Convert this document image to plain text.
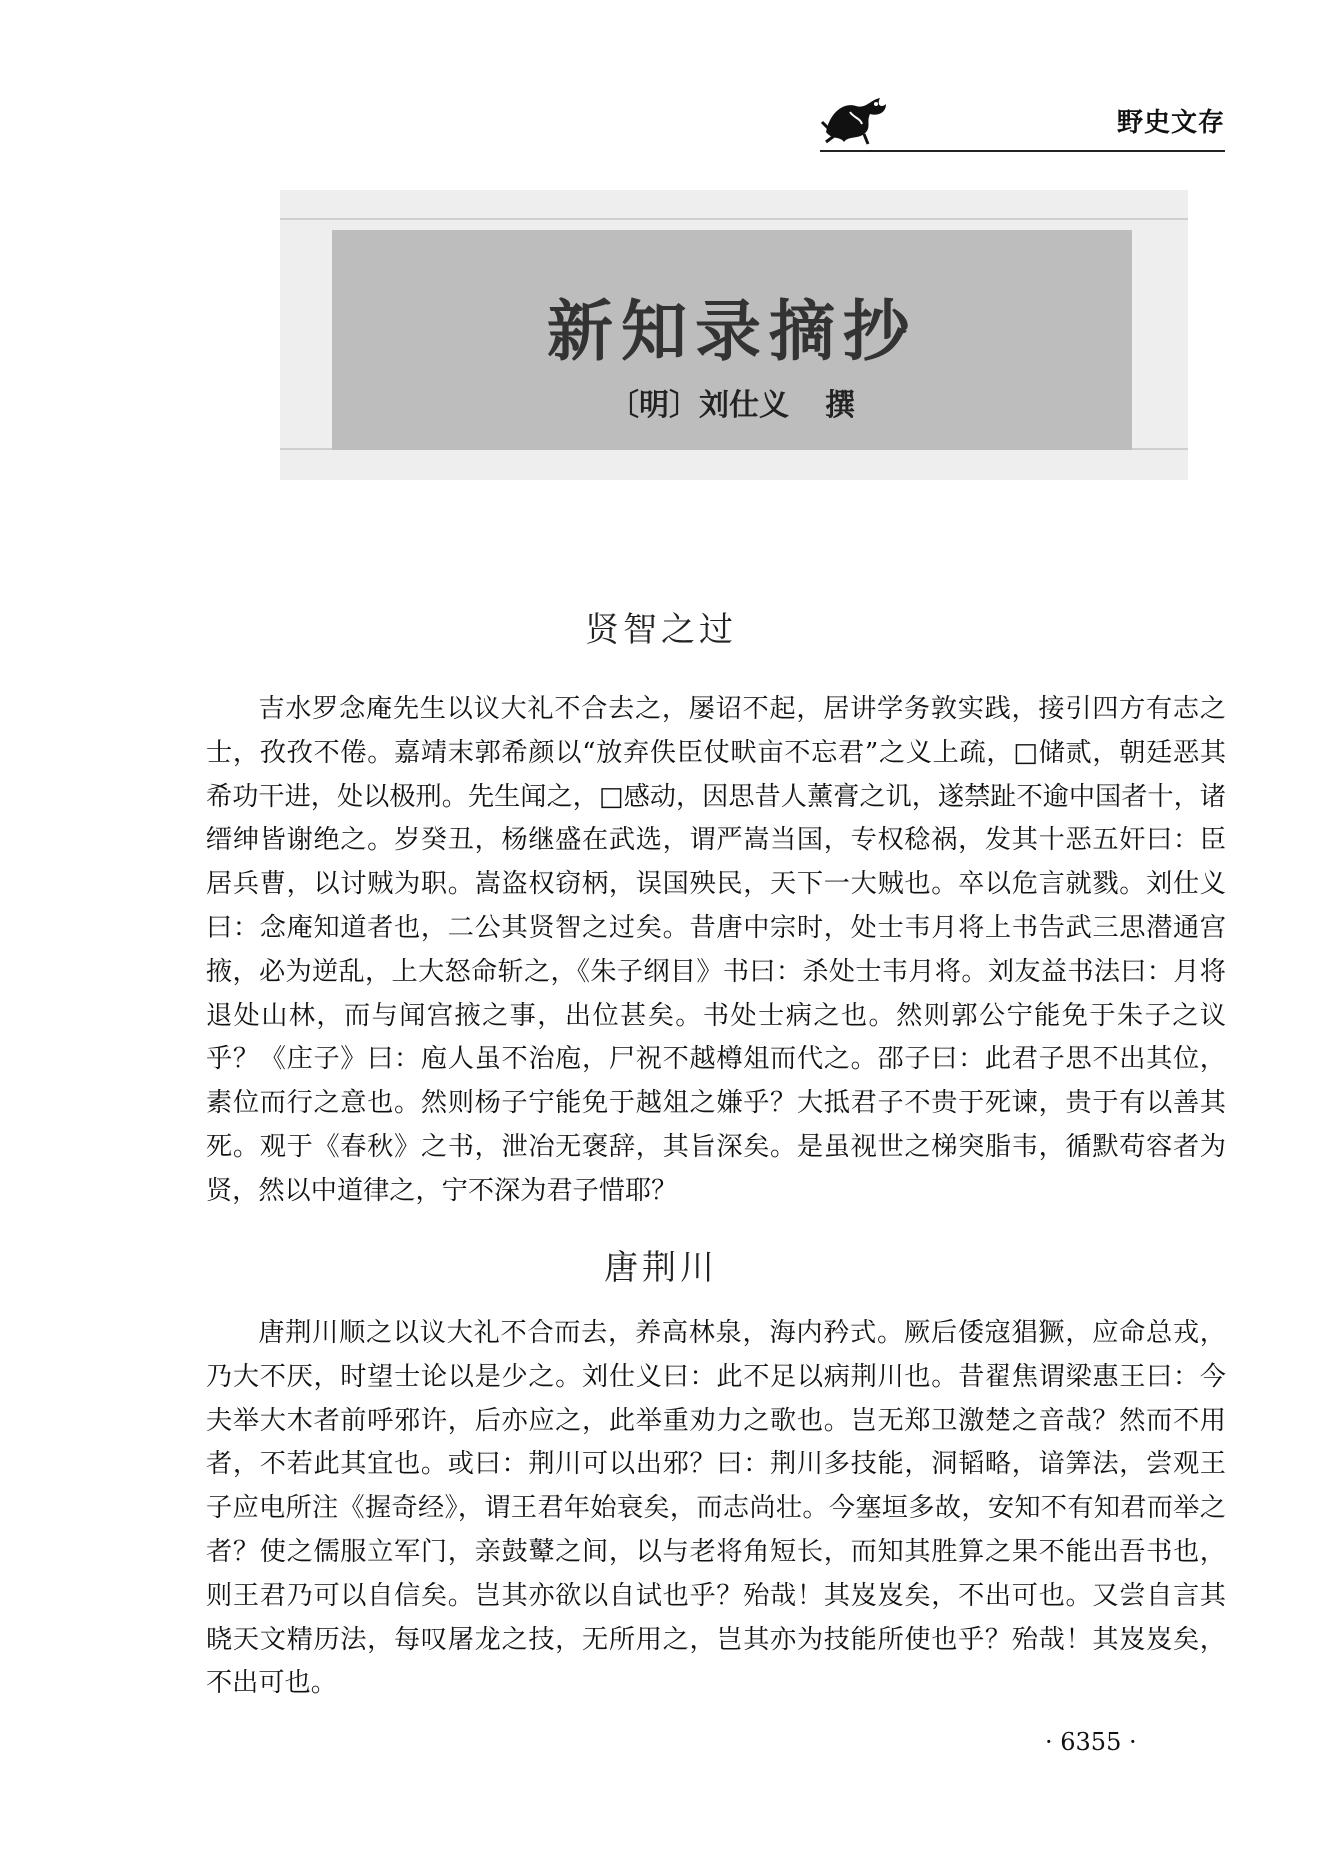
野史文存
新知录摘抄
〔明〕刘仕义 撰
贤智之过
吉水罗念庵先生以议大礼不合去之，屡诏不起，居讲学务敦实践，接引四方有志之士，孜孜不倦。嘉靖末郭希颜以“放弃佚臣仗畎亩不忘君”之义上疏，□储贰，朝廷恶其希功干进，处以极刑。先生闻之，□感动，因思昔人薰膏之讥，遂禁趾不逾中国者十，诸缙绅皆谢绝之。岁癸丑，杨继盛在武选，谓严嵩当国，专权稔祸，发其十恶五奸曰：臣居兵曹，以讨贼为职。嵩盗权窃柄，误国殃民，天下一大贼也。卒以危言就戮。刘仕义曰：念庵知道者也，二公其贤智之过矣。昔唐中宗时，处士韦月将上书告武三思潜通宫掖，必为逆乱，上大怒命斩之，《朱子纲目》书曰：杀处士韦月将。刘友益书法曰：月将退处山林，而与闻宫掖之事，出位甚矣。书处士病之也。然则郭公宁能免于朱子之议乎？《庄子》曰：庖人虽不治庖，尸祝不越樽俎而代之。邵子曰：此君子思不出其位，素位而行之意也。然则杨子宁能免于越俎之嫌乎？大抵君子不贵于死谏，贵于有以善其死。观于《春秋》之书，泄冶无褒辞，其旨深矣。是虽视世之梯突脂韦，循默苟容者为贤，然以中道律之，宁不深为君子惜耶？
唐荆川
唐荆川顺之以议大礼不合而去，养高林泉，海内矜式。厥后倭寇猖獗，应命总戎，乃大不厌，时望士论以是少之。刘仕义曰：此不足以病荆川也。昔翟焦谓梁惠王曰：今夫举大木者前呼邪许，后亦应之，此举重劝力之歌也。岂无郑卫激楚之音哉？然而不用者，不若此其宜也。或曰：荆川可以出邪？曰：荆川多技能，洞韬略，谙筭法，尝观王子应电所注《握奇经》，谓王君年始衰矣，而志尚壮。今塞垣多故，安知不有知君而举之者？使之儒服立军门，亲鼓鼙之间，以与老将角短长，而知其胜算之果不能出吾书也，则王君乃可以自信矣。岂其亦欲以自试也乎？殆哉！其岌岌矣，不出可也。又尝自言其晓天文精历法，每叹屠龙之技，无所用之，岂其亦为技能所使也乎？殆哉！其岌岌矣，不出可也。
· 6355 ·
